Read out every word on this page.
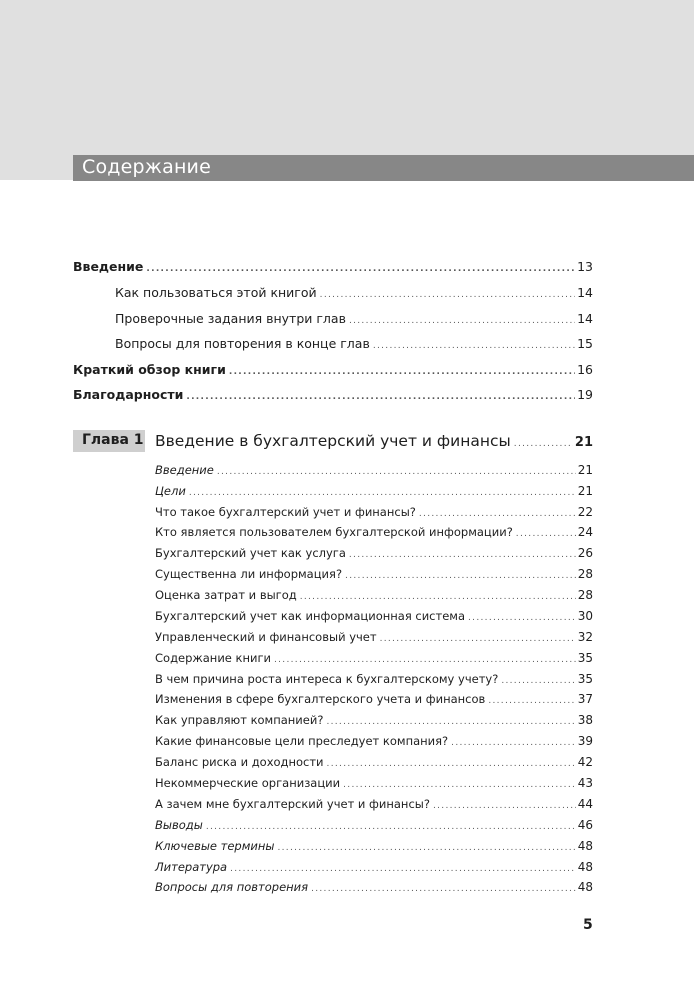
Содержание
Введение .....	13
Как пользоваться этой книгой .....	14
Проверочные задания внутри глав .....	14
Вопросы для повторения в конце глав .....	15
Краткий обзор книги .....	16
Благодарности .....	19
Глава 1 Введение в бухгалтерский учет и финансы .....	21
Введение .....	21
Цели .....	21
Что такое бухгалтерский учет и финансы? .....	22
Кто является пользователем бухгалтерской информации? .....	24
Бухгалтерский учет как услуга .....	26
Существенна ли информация? .....	28
Оценка затрат и выгод .....	28
Бухгалтерский учет как информационная система .....	30
Управленческий и финансовый учет .....	32
Содержание книги .....	35
В чем причина роста интереса к бухгалтерскому учету? .....	35
Изменения в сфере бухгалтерского учета и финансов .....	37
Как управляют компанией? .....	38
Какие финансовые цели преследует компания? .....	39
Баланс риска и доходности .....	42
Некоммерческие организации .....	43
А зачем мне бухгалтерский учет и финансы? .....	44
Выводы .....	46
Ключевые термины .....	48
Литература .....	48
Вопросы для повторения .....	48
5
